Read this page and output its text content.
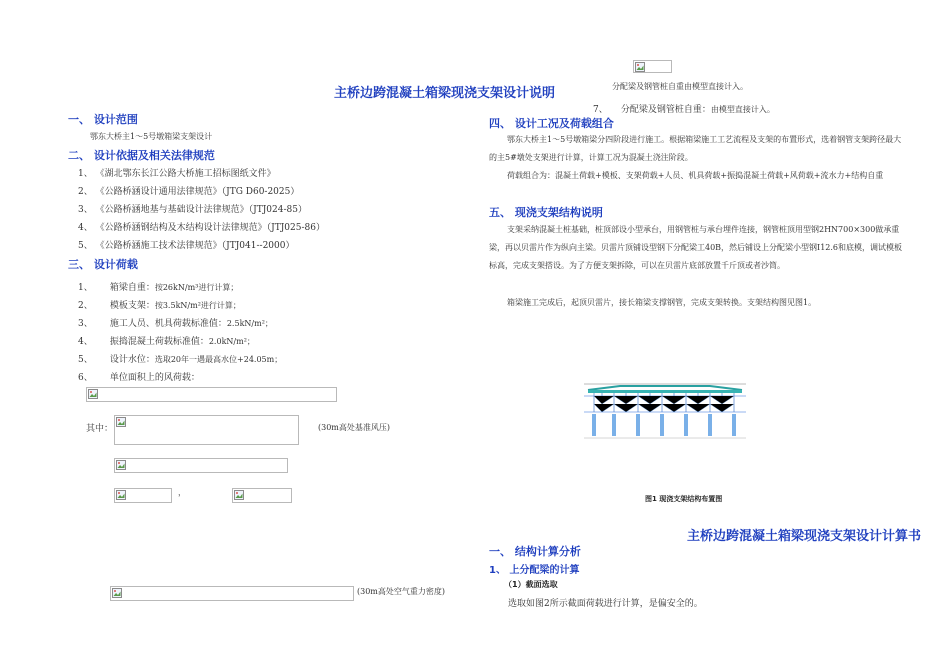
主桥边跨混凝土箱梁现浇支架设计说明
一、 设计范围
鄂东大桥主1～5号墩箱梁支架设计
二、 设计依据及相关法律规范
1、 《湖北鄂东长江公路大桥施工招标图纸文件》
2、 《公路桥涵设计通用法律规范》（JTG D60-2025）
3、 《公路桥涵地基与基础设计法律规范》（JTJ024-85）
4、 《公路桥涵钢结构及木结构设计法律规范》（JTJ025-86）
5、 《公路桥涵施工技术法律规范》（JTJ041--2000）
三、 设计荷载
1、 箱梁自重：按26kN/m³进行计算；
2、 模板支架：按3.5kN/m²进行计算；
3、 施工人员、机具荷载标准值：2.5kN/m²；
4、 振捣混凝土荷载标准值：2.0kN/m²；
5、 设计水位：选取20年一遇最高水位+24.05m；
6、 单位面积上的风荷载：
其中：	(30m高处基准风压)
，
(30m高处空气重力密度)
分配梁及钢管桩自重由模型直接计入。
7、 分配梁及钢管桩自重：由模型直接计入。
四、 设计工况及荷载组合
鄂东大桥主1～5号墩箱梁分四阶段进行施工。根据箱梁施工工艺流程及支架的布置形式，选着钢管支架跨径最大的主5#墩处支架进行计算，计算工况为混凝土浇注阶段。
荷载组合为：混凝土荷载+模板、支架荷载+人员、机具荷载+振捣混凝土荷载+风荷载+流水力+结构自重
五、 现浇支架结构说明
支架采纳混凝土桩基础，桩顶部设小型承台，用钢管桩与承台埋件连接，钢管桩顶用型钢2HN700×300做承重梁，再以贝雷片作为纵向主梁。贝雷片顶铺设型钢下分配梁工40B，然后铺设上分配梁小型钢I12.6和底模，调试模板标高，完成支架搭设。为了方便支架拆除，可以在贝雷片底部放置千斤顶或者沙筒。
箱梁施工完成后，起顶贝雷片，接长箱梁支撑钢管，完成支架转换。支架结构图见图1。
图1 现浇支架结构布置图
主桥边跨混凝土箱梁现浇支架设计计算书
一、 结构计算分析
1、 上分配梁的计算
（1）截面选取
选取如图2所示截面荷载进行计算，是偏安全的。
